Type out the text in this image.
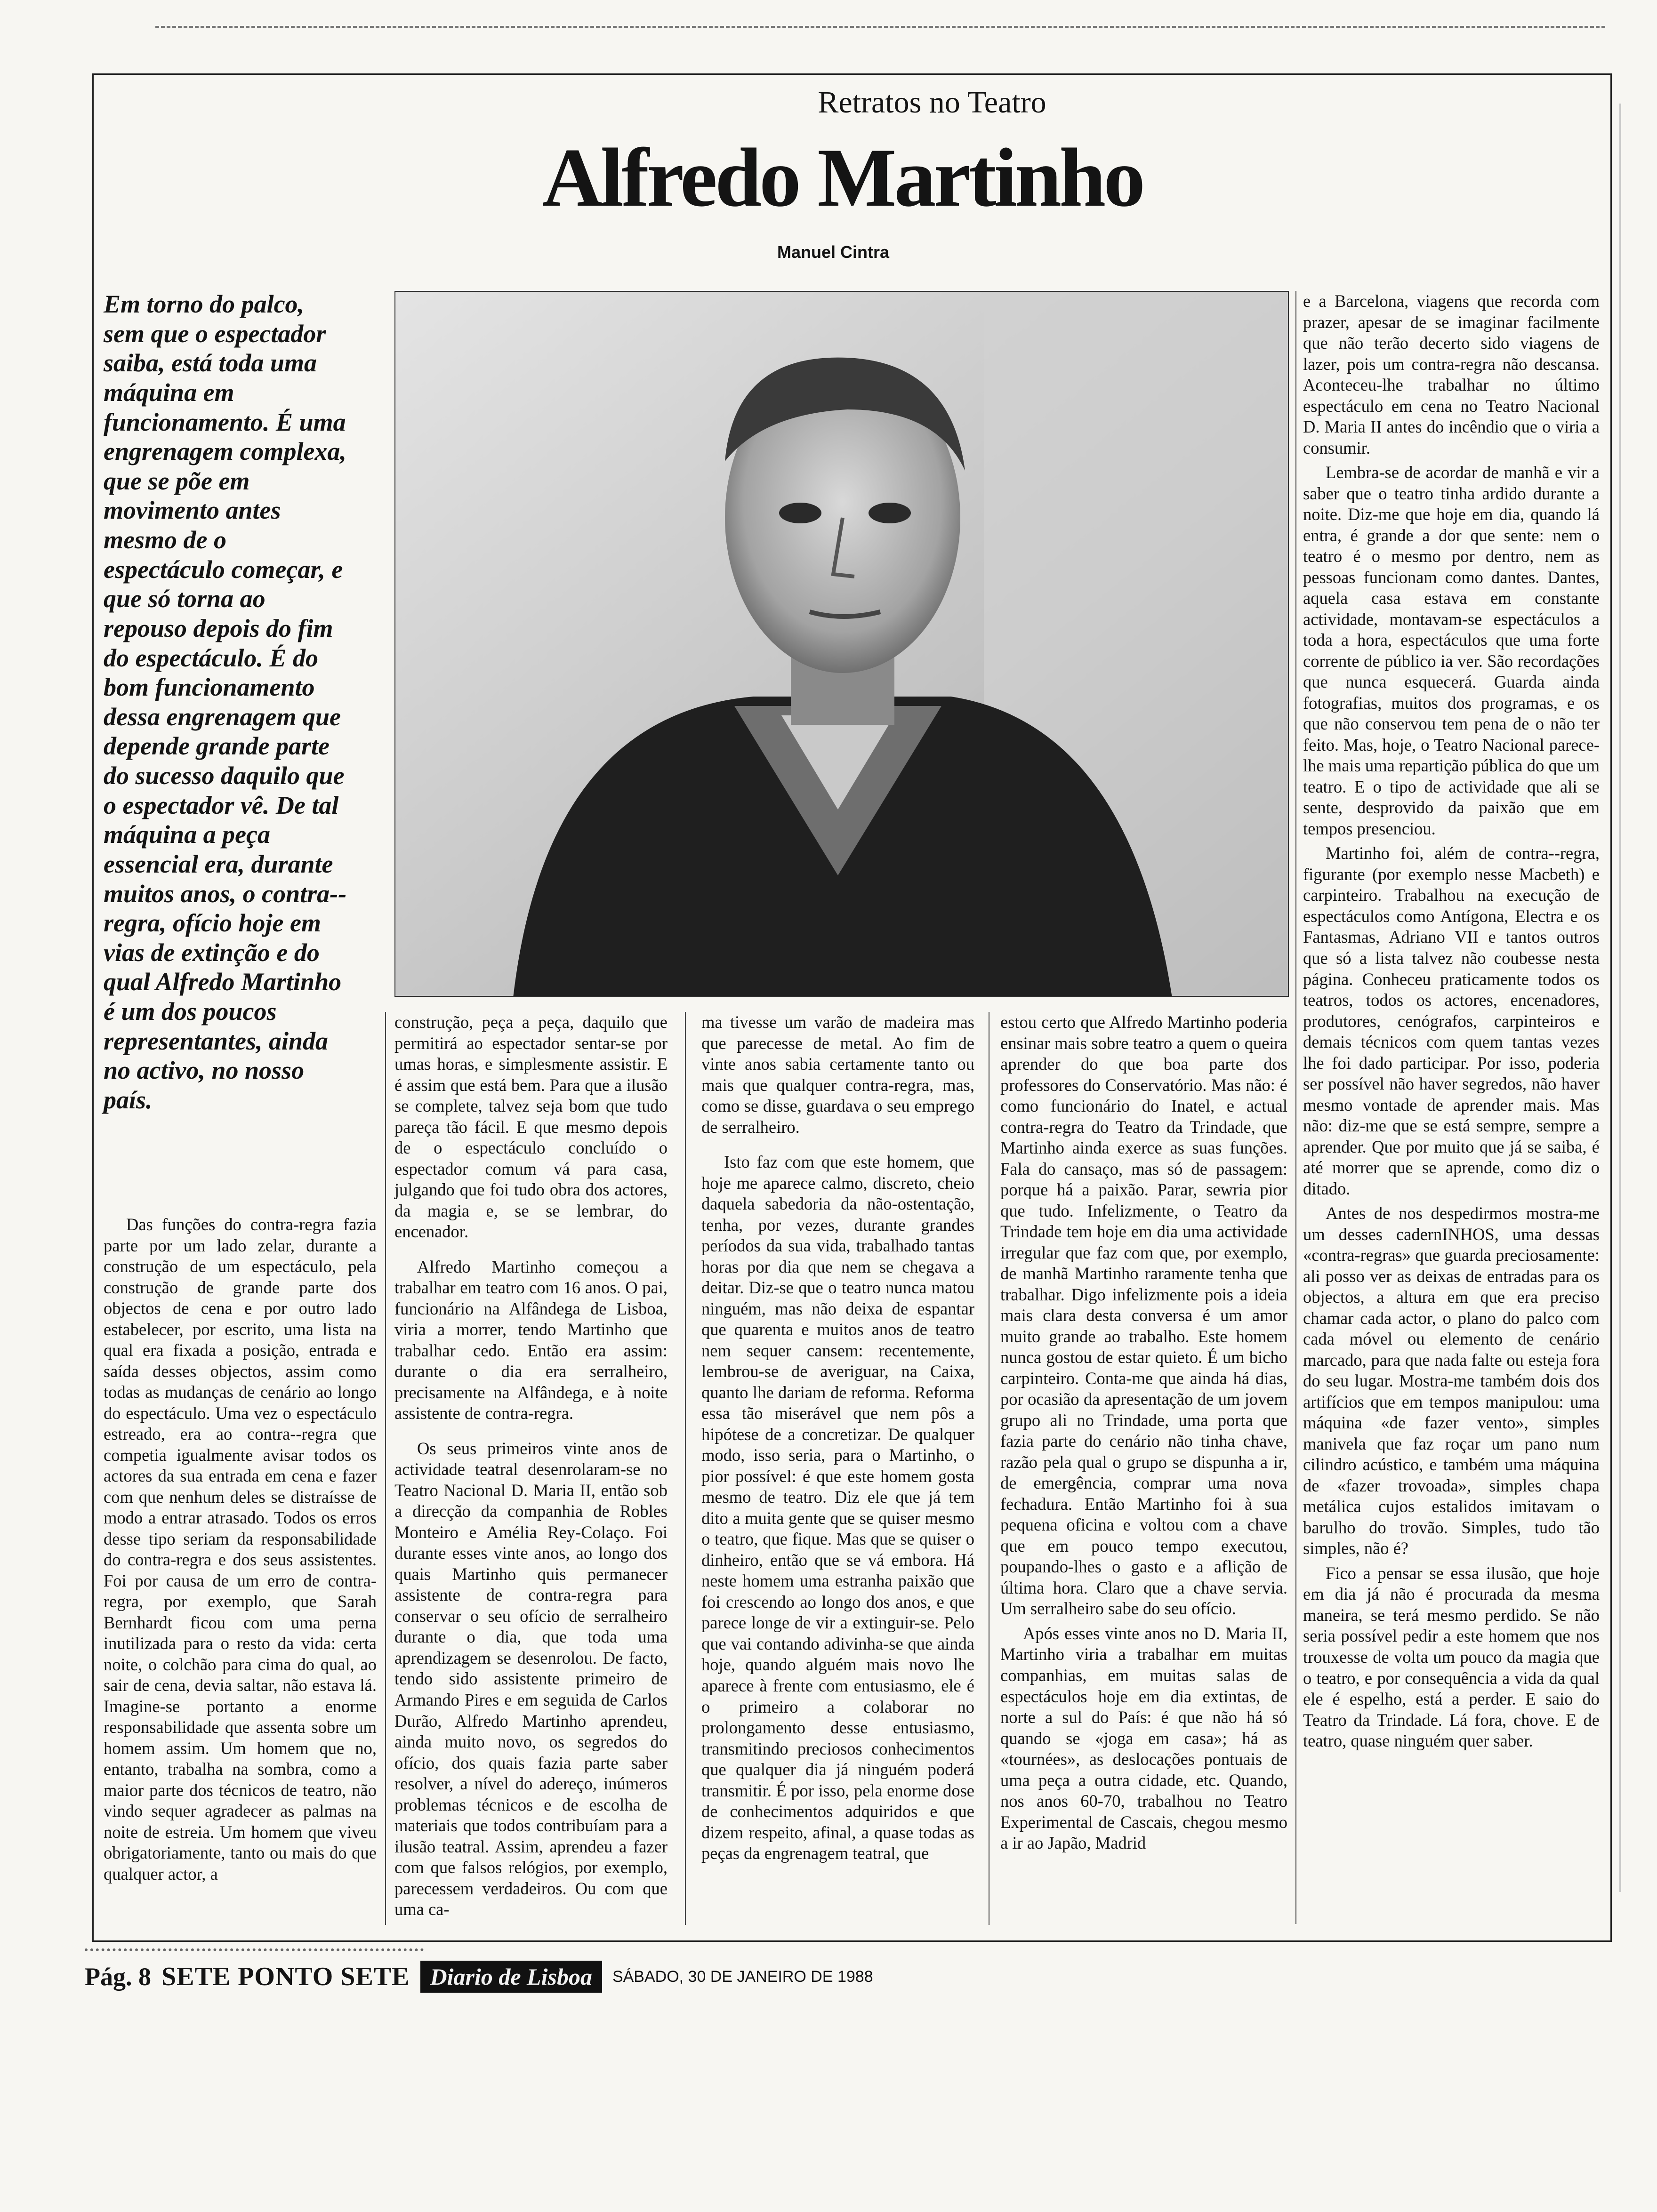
Retratos no Teatro
Alfredo Martinho
Manuel Cintra

Em torno do palco, sem que o espectador saiba, está toda uma máquina em funcionamento. É uma engrenagem complexa, que se põe em movimento antes mesmo de o espectáculo começar, e que só torna ao repouso depois do fim do espectáculo. É do bom funcionamento dessa engrenagem que depende grande parte do sucesso daquilo que o espectador vê. De tal máquina a peça essencial era, durante muitos anos, o contra--regra, ofício hoje em vias de extinção e do qual Alfredo Martinho é um dos poucos representantes, ainda no activo, no nosso país.

Das funções do contra-regra fazia parte por um lado zelar, durante a construção de um espectáculo, pela construção de grande parte dos objectos de cena e por outro lado estabelecer, por escrito, uma lista na qual era fixada a posição, entrada e saída desses objectos, assim como todas as mudanças de cenário ao longo do espectáculo. Uma vez o espectáculo estreado, era ao contra--regra que competia igualmente avisar todos os actores da sua entrada em cena e fazer com que nenhum deles se distraísse de modo a entrar atrasado. Todos os erros desse tipo seriam da responsabilidade do contra-regra e dos seus assistentes. Foi por causa de um erro de contra-regra, por exemplo, que Sarah Bernhardt ficou com uma perna inutilizada para o resto da vida: certa noite, o colchão para cima do qual, ao sair de cena, devia saltar, não estava lá. Imagine-se portanto a enorme responsabilidade que assenta sobre um homem assim. Um homem que no, entanto, trabalha na sombra, como a maior parte dos técnicos de teatro, não vindo sequer agradecer as palmas na noite de estreia. Um homem que viveu obrigatoriamente, tanto ou mais do que qualquer actor, a

construção, peça a peça, daquilo que permitirá ao espectador sentar-se por umas horas, e simplesmente assistir. E é assim que está bem. Para que a ilusão se complete, talvez seja bom que tudo pareça tão fácil. E que mesmo depois de o espectáculo concluído o espectador comum vá para casa, julgando que foi tudo obra dos actores, da magia e, se se lembrar, do encenador.

Alfredo Martinho começou a trabalhar em teatro com 16 anos. O pai, funcionário na Alfândega de Lisboa, viria a morrer, tendo Martinho que trabalhar cedo. Então era assim: durante o dia era serralheiro, precisamente na Alfândega, e à noite assistente de contra-regra.

Os seus primeiros vinte anos de actividade teatral desenrolaram-se no Teatro Nacional D. Maria II, então sob a direcção da companhia de Robles Monteiro e Amélia Rey-Colaço. Foi durante esses vinte anos, ao longo dos quais Martinho quis permanecer assistente de contra-regra para conservar o seu ofício de serralheiro durante o dia, que toda uma aprendizagem se desenrolou. De facto, tendo sido assistente primeiro de Armando Pires e em seguida de Carlos Durão, Alfredo Martinho aprendeu, ainda muito novo, os segredos do ofício, dos quais fazia parte saber resolver, a nível do adereço, inúmeros problemas técnicos e de escolha de materiais que todos contribuíam para a ilusão teatral. Assim, aprendeu a fazer com que falsos relógios, por exemplo, parecessem verdadeiros. Ou com que uma ca-

ma tivesse um varão de madeira mas que parecesse de metal. Ao fim de vinte anos sabia certamente tanto ou mais que qualquer contra-regra, mas, como se disse, guardava o seu emprego de serralheiro.

Isto faz com que este homem, que hoje me aparece calmo, discreto, cheio daquela sabedoria da não-ostentação, tenha, por vezes, durante grandes períodos da sua vida, trabalhado tantas horas por dia que nem se chegava a deitar. Diz-se que o teatro nunca matou ninguém, mas não deixa de espantar que quarenta e muitos anos de teatro nem sequer cansem: recentemente, lembrou-se de averiguar, na Caixa, quanto lhe dariam de reforma. Reforma essa tão miserável que nem pôs a hipótese de a concretizar. De qualquer modo, isso seria, para o Martinho, o pior possível: é que este homem gosta mesmo de teatro. Diz ele que já tem dito a muita gente que se quiser mesmo o teatro, que fique. Mas que se quiser o dinheiro, então que se vá embora. Há neste homem uma estranha paixão que foi crescendo ao longo dos anos, e que parece longe de vir a extinguir-se. Pelo que vai contando adivinha-se que ainda hoje, quando alguém mais novo lhe aparece à frente com entusiasmo, ele é o primeiro a colaborar no prolongamento desse entusiasmo, transmitindo preciosos conhecimentos que qualquer dia já ninguém poderá transmitir. É por isso, pela enorme dose de conhecimentos adquiridos e que dizem respeito, afinal, a quase todas as peças da engrenagem teatral, que

estou certo que Alfredo Martinho poderia ensinar mais sobre teatro a quem o queira aprender do que boa parte dos professores do Conservatório. Mas não: é como funcionário do Inatel, e actual contra-regra do Teatro da Trindade, que Martinho ainda exerce as suas funções. Fala do cansaço, mas só de passagem: porque há a paixão. Parar, sewria pior que tudo. Infelizmente, o Teatro da Trindade tem hoje em dia uma actividade irregular que faz com que, por exemplo, de manhã Martinho raramente tenha que trabalhar. Digo infelizmente pois a ideia mais clara desta conversa é um amor muito grande ao trabalho. Este homem nunca gostou de estar quieto. É um bicho carpinteiro. Conta-me que ainda há dias, por ocasião da apresentação de um jovem grupo ali no Trindade, uma porta que fazia parte do cenário não tinha chave, razão pela qual o grupo se dispunha a ir, de emergência, comprar uma nova fechadura. Então Martinho foi à sua pequena oficina e voltou com a chave que em pouco tempo executou, poupando-lhes o gasto e a aflição de última hora. Claro que a chave servia. Um serralheiro sabe do seu ofício.

Após esses vinte anos no D. Maria II, Martinho viria a trabalhar em muitas companhias, em muitas salas de espectáculos hoje em dia extintas, de norte a sul do País: é que não há só quando se «joga em casa»; há as «tournées», as deslocações pontuais de uma peça a outra cidade, etc. Quando, nos anos 60-70, trabalhou no Teatro Experimental de Cascais, chegou mesmo a ir ao Japão, Madrid

e a Barcelona, viagens que recorda com prazer, apesar de se imaginar facilmente que não terão decerto sido viagens de lazer, pois um contra-regra não descansa. Aconteceu-lhe trabalhar no último espectáculo em cena no Teatro Nacional D. Maria II antes do incêndio que o viria a consumir.

Lembra-se de acordar de manhã e vir a saber que o teatro tinha ardido durante a noite. Diz-me que hoje em dia, quando lá entra, é grande a dor que sente: nem o teatro é o mesmo por dentro, nem as pessoas funcionam como dantes. Dantes, aquela casa estava em constante actividade, montavam-se espectáculos a toda a hora, espectáculos que uma forte corrente de público ia ver. São recordações que nunca esquecerá. Guarda ainda fotografias, muitos dos programas, e os que não conservou tem pena de o não ter feito. Mas, hoje, o Teatro Nacional parece-lhe mais uma repartição pública do que um teatro. E o tipo de actividade que ali se sente, desprovido da paixão que em tempos presenciou.

Martinho foi, além de contra--regra, figurante (por exemplo nesse Macbeth) e carpinteiro. Trabalhou na execução de espectáculos como Antígona, Electra e os Fantasmas, Adriano VII e tantos outros que só a lista talvez não coubesse nesta página. Conheceu praticamente todos os teatros, todos os actores, encenadores, produtores, cenógrafos, carpinteiros e demais técnicos com quem tantas vezes lhe foi dado participar. Por isso, poderia ser possível não haver segredos, não haver mesmo vontade de aprender mais. Mas não: diz-me que se está sempre, sempre a aprender. Que por muito que já se saiba, é até morrer que se aprende, como diz o ditado.

Antes de nos despedirmos mostra-me um desses cadernINHOS, uma dessas «contra-regras» que guarda preciosamente: ali posso ver as deixas de entradas para os objectos, a altura em que era preciso chamar cada actor, o plano do palco com cada móvel ou elemento de cenário marcado, para que nada falte ou esteja fora do seu lugar. Mostra-me também dois dos artifícios que em tempos manipulou: uma máquina «de fazer vento», simples manivela que faz roçar um pano num cilindro acústico, e também uma máquina de «fazer trovoada», simples chapa metálica cujos estalidos imitavam o barulho do trovão. Simples, tudo tão simples, não é?

Fico a pensar se essa ilusão, que hoje em dia já não é procurada da mesma maneira, se terá mesmo perdido. Se não seria possível pedir a este homem que nos trouxesse de volta um pouco da magia que o teatro, e por consequência a vida da qual ele é espelho, está a perder. E saio do Teatro da Trindade. Lá fora, chove. E de teatro, quase ninguém quer saber.

Pág. 8 SETE PONTO SETE Diario de Lisboa	SÁBADO, 30 DE JANEIRO DE 1988
